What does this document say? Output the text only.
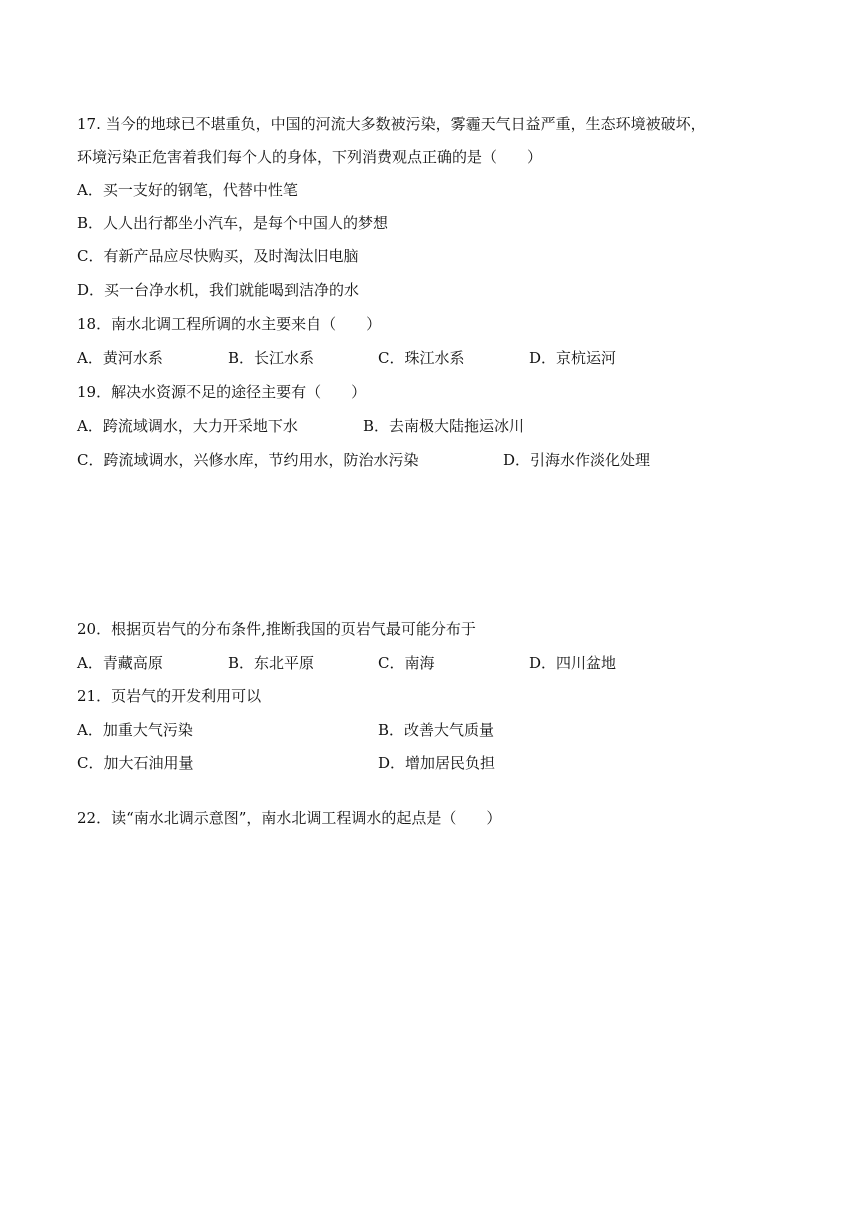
17. 当今的地球已不堪重负，中国的河流大多数被污染，雾霾天气日益严重，生态环境被破坏，
环境污染正危害着我们每个人的身体，下列消费观点正确的是（　　）
A．买一支好的钢笔，代替中性笔
B．人人出行都坐小汽车，是每个中国人的梦想
C．有新产品应尽快购买，及时淘汰旧电脑
D．买一台净水机，我们就能喝到洁净的水
18．南水北调工程所调的水主要来自（　　）
A．黄河水系	B．长江水系	C．珠江水系	D．京杭运河
19．解决水资源不足的途径主要有（　　）
A．跨流域调水，大力开采地下水	B．去南极大陆拖运冰川
C．跨流域调水，兴修水库，节约用水，防治水污染	D．引海水作淡化处理
20．根据页岩气的分布条件,推断我国的页岩气最可能分布于
A．青藏高原	B．东北平原	C．南海	D．四川盆地
21．页岩气的开发利用可以
A．加重大气污染	B．改善大气质量
C．加大石油用量	D．增加居民负担
22．读“南水北调示意图”，南水北调工程调水的起点是（　　）
